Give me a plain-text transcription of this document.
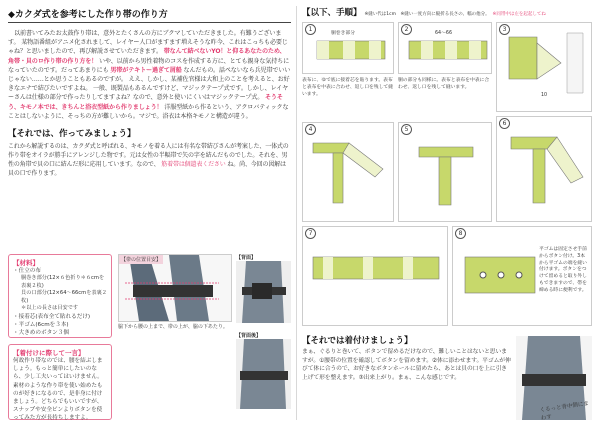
◆カクダ式を参考にした作り帯の作り方
以前書いてみたお太鼓作り帯は、意外とたくさんの方にブクマしていただきました。有難うございます。 某物語番組がアニメ化されまして、レイヤー人口がますます増えそうな昨今、これはこっちも必要じゃね？と思いましたので、再び解説させていただきます。 帯なんて結べないYO！と仰るあなたのため、角帯・貝のロ作り帯の作り方を！ いや、以前から男性着物のコスを作成する方に、とても親身な気持ちになっていたのです。だってあまりにも 男帯がテキトー過ぎて屑船 なんだもの。話ぺないなら兵児帯でいいじゃない……とか思うこともあるのですが。 ええ、しかし、某補佐官様は大和上のことを考えると、お好きなエナで結びたいですよね。 一般、既製品もあるんですけど、マジックテープ式です。しかし、レイヤーさんは仕様の部分で作ったりしてますよね？なので、意外と使いにくいはマジックテープ式。 そうそう、キモノ本では、きちんと浴衣型紙から作りましょう！ 洋服型紙から作るという、アクロバティックなことはしないように、そっちの方が難しいから。マジで。浴衣は本格キモノと構造が違う。
【それでは、作ってみましょう】
これから解説するのは、カクダ式と呼ばれる、キモノを着る人には有名な帯結びさんが考案した、一体式の作り帯をオイラが勝手にアレンジした物です。元は女性の半幅帯で矢の字を結んだものでした。それを、男性の角帯で貝の口に結んだ形に応用しています。なので、 筋着帯は個遺表ください ね。尚、今回の図解は貝の口で作ります。
【材料】
・仕立の布
胴巻き部分(12×６色折り＊６cmを表裏２枚)
貝の口部分(12×64〜66cmを表裏２枚)
＊以上の長さは目安です
・接着芯(表布全て貼れるだけ)
・平ゴム(6cmを３本)
・大きめのボタン３個
【着付けに際して一言】
何故作り帯なのでは、腰を結ぶしましょう。もっと簡単にしたいのなら、少し工夫いってはいけません。素材のような作り帯を使い始めたものが好きになるので、是非身に付けましょう。どちらでもいいですが、スナップや安全ピンよりボタンを使ってみた方が長持ちしますよ。
【帯の位置目安】
脇下から腰の上まで、帯の上が、脇の下あたり。
【背面】
【背面後】
【以下、手順】 ※縫い代は1cm　※縫い一度方向に縦折る長さの、幅の他分。 ※同帯中は左を起起してね
1
胴巻き部分
2
64〜66
3
10
表布に、ゆで底に接着芯を貼ります。表布と表布を中表に合わせ、返し口を残して縫います。
胴の部分も同様に。表布と表布を中表に合わせ、返し口を残して縫います。
4	5
6
7	8
平ゴムは固定させ手前からボタン付け。3本から平ゴムの端を縫い付けます。ボタンをつけて留めると取り外しもできますので、帯を締める時に便利です。
【それでは着付けましょう】
まぁ、ぐるりと巻いて、ボタンで留めるだけなので、難しいことはないと思いますが。①腰帯の位置を確認してボタンを留めます。②体に添わせます。平ゴムが伸びて体に合うので、お好きなボタンホールに留めたら、あとは貝の口を上に引き上げて形を整えます。③出来上がり。まぁ、こんな感じです。
くるっと背中側にまわす
